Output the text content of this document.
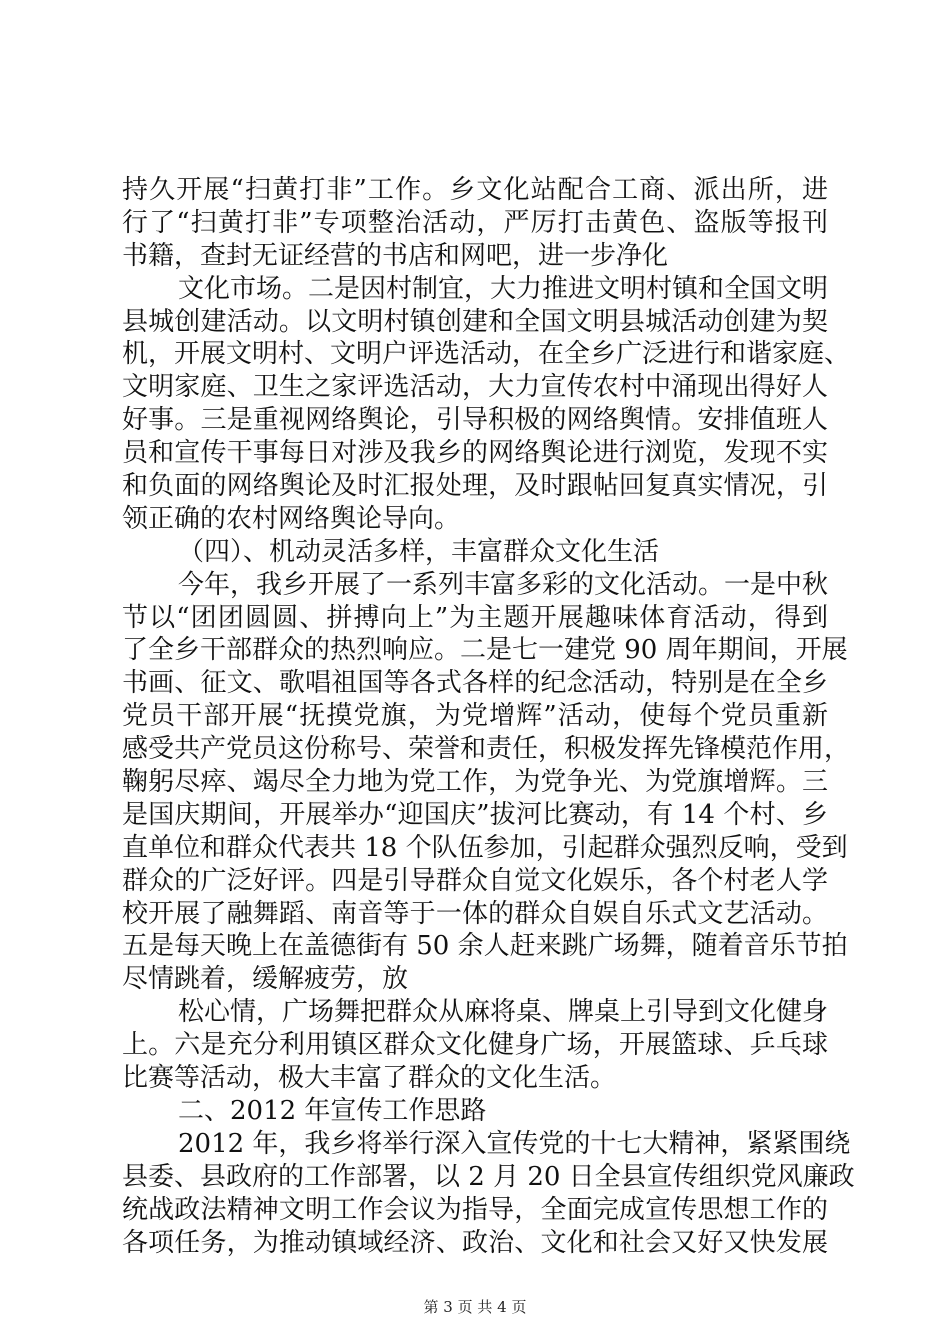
持久开展“扫黄打非”工作。乡文化站配合工商、派出所，进
行了“扫黄打非”专项整治活动，严厉打击黄色、盗版等报刊
书籍，查封无证经营的书店和网吧，进一步净化
文化市场。二是因村制宜，大力推进文明村镇和全国文明
县城创建活动。以文明村镇创建和全国文明县城活动创建为契
机，开展文明村、文明户评选活动，在全乡广泛进行和谐家庭、
文明家庭、卫生之家评选活动，大力宣传农村中涌现出得好人
好事。三是重视网络舆论，引导积极的网络舆情。安排值班人
员和宣传干事每日对涉及我乡的网络舆论进行浏览，发现不实
和负面的网络舆论及时汇报处理，及时跟帖回复真实情况，引
领正确的农村网络舆论导向。
（四）、机动灵活多样，丰富群众文化生活
今年，我乡开展了一系列丰富多彩的文化活动。一是中秋
节以“团团圆圆、拼搏向上”为主题开展趣味体育活动，得到
了全乡干部群众的热烈响应。二是七一建党 90 周年期间，开展
书画、征文、歌唱祖国等各式各样的纪念活动，特别是在全乡
党员干部开展“抚摸党旗，为党增辉”活动，使每个党员重新
感受共产党员这份称号、荣誉和责任，积极发挥先锋模范作用，
鞠躬尽瘁、竭尽全力地为党工作，为党争光、为党旗增辉。三
是国庆期间，开展举办“迎国庆”拔河比赛动，有 14 个村、乡
直单位和群众代表共 18 个队伍参加，引起群众强烈反响，受到
群众的广泛好评。四是引导群众自觉文化娱乐，各个村老人学
校开展了融舞蹈、南音等于一体的群众自娱自乐式文艺活动。
五是每天晚上在盖德街有 50 余人赶来跳广场舞，随着音乐节拍
尽情跳着，缓解疲劳，放
松心情，广场舞把群众从麻将桌、牌桌上引导到文化健身
上。六是充分利用镇区群众文化健身广场，开展篮球、乒乓球
比赛等活动，极大丰富了群众的文化生活。
二、2012 年宣传工作思路
2012 年，我乡将举行深入宣传党的十七大精神，紧紧围绕
县委、县政府的工作部署，以 2 月 20 日全县宣传组织党风廉政
统战政法精神文明工作会议为指导，全面完成宣传思想工作的
各项任务，为推动镇域经济、政治、文化和社会又好又快发展
第 3 页 共 4 页
